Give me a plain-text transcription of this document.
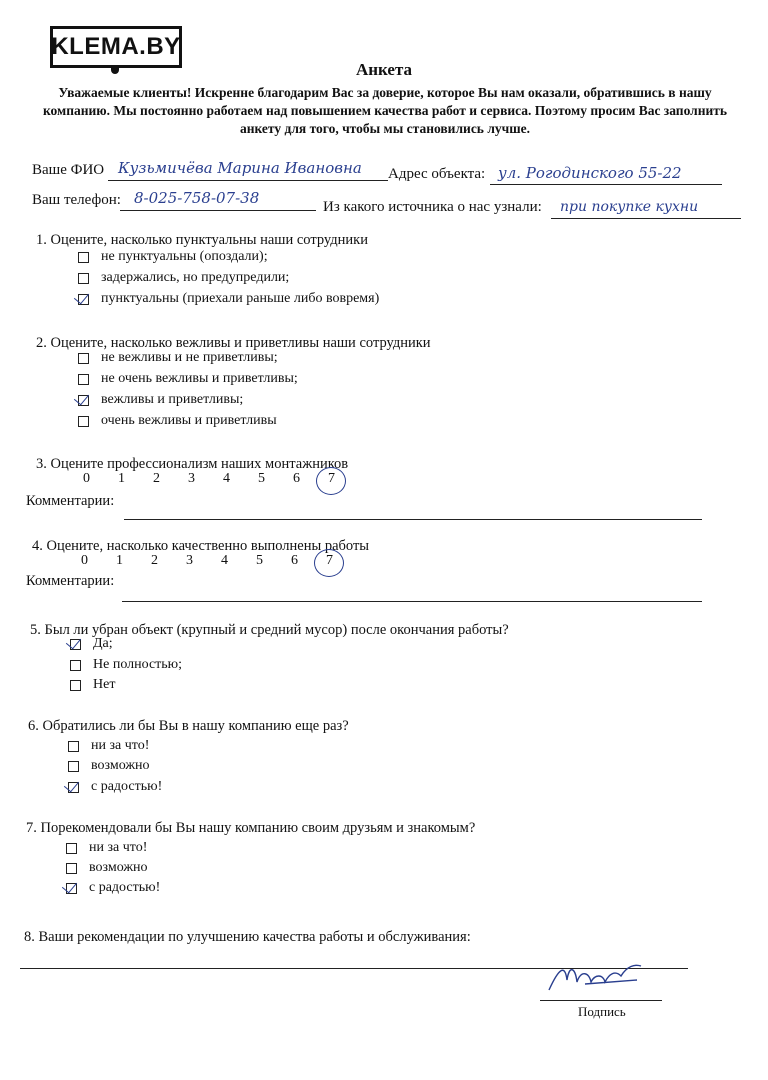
KLEMA.BY
Анкета
Уважаемые клиенты! Искренне благодарим Вас за доверие, которое Вы нам оказали, обратившись в нашу компанию. Мы постоянно работаем над повышением качества работ и сервиса. Поэтому просим Вас заполнить анкету для того, чтобы мы становились лучше.
Ваше ФИО Кузьмичёва Марина Ивановна Адрес объекта: ул. Рогодинского 55-22
Ваш телефон: 8-025-758-07-38	Из какого источника о нас узнали: при покупке кухни
1. Оцените, насколько пунктуальны наши сотрудники
не пунктуальны (опоздали);
задержались, но предупредили;
пунктуальны (приехали раньше либо вовремя)
2. Оцените, насколько вежливы и приветливы наши сотрудники
не вежливы и не приветливы;
не очень вежливы и приветливы;
вежливы и приветливы;
очень вежливы и приветливы
3. Оцените профессионализм наших монтажников
0	1	2	3	4	5	6	7
Комментарии:
4. Оцените, насколько качественно выполнены работы
0	1	2	3	4	5	6	7
Комментарии:
5. Был ли убран объект (крупный и средний мусор) после окончания работы?
Да;
Не полностью;
Нет
6. Обратились ли бы Вы в нашу компанию еще раз?
ни за что!
возможно
с радостью!
7. Порекомендовали бы Вы нашу компанию своим друзьям и знакомым?
ни за что!
возможно
с радостью!
8. Ваши рекомендации по улучшению качества работы и обслуживания:
Подпись
